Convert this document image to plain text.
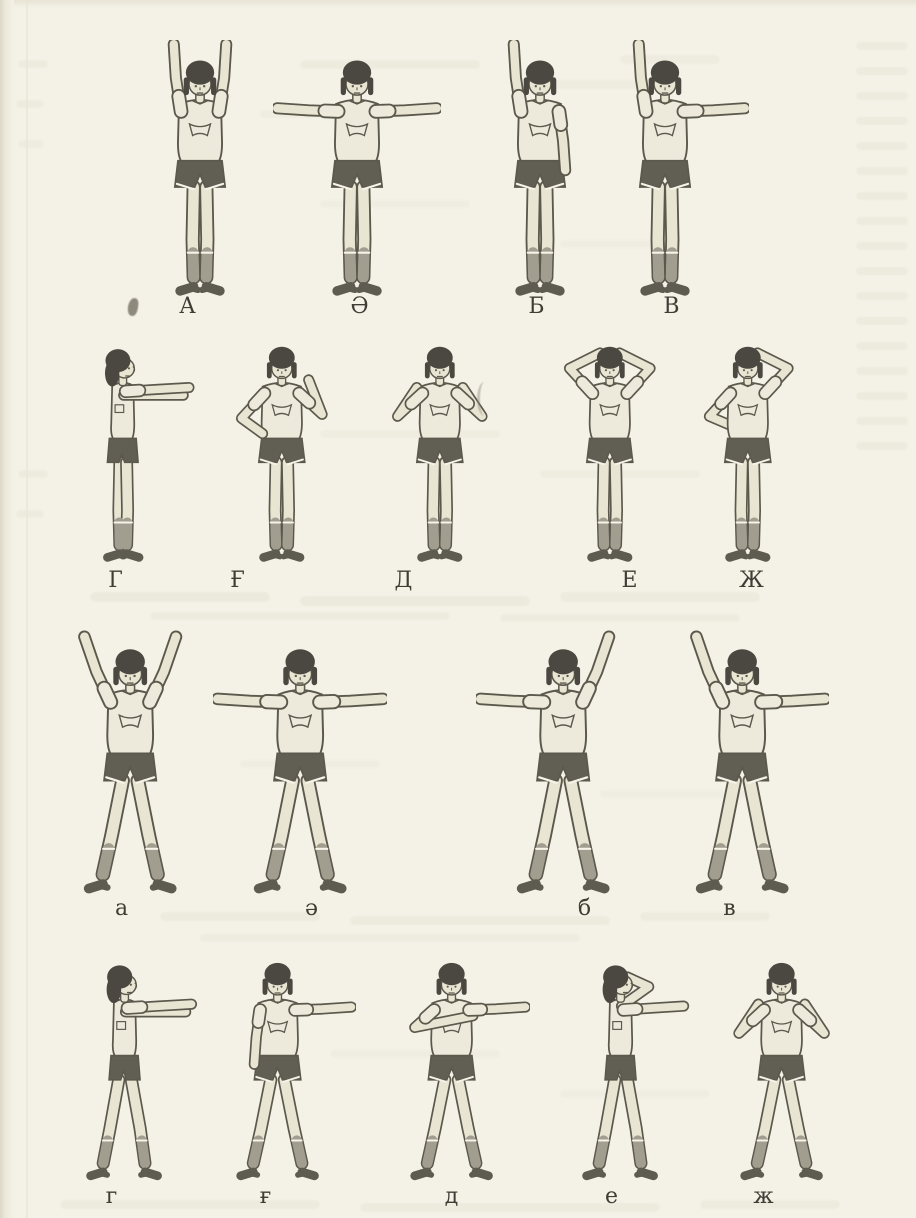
А	Ә	Б	В
Г	Ғ	Д	Е	Ж
а	ә	б	в
г	ғ	д	е	ж
